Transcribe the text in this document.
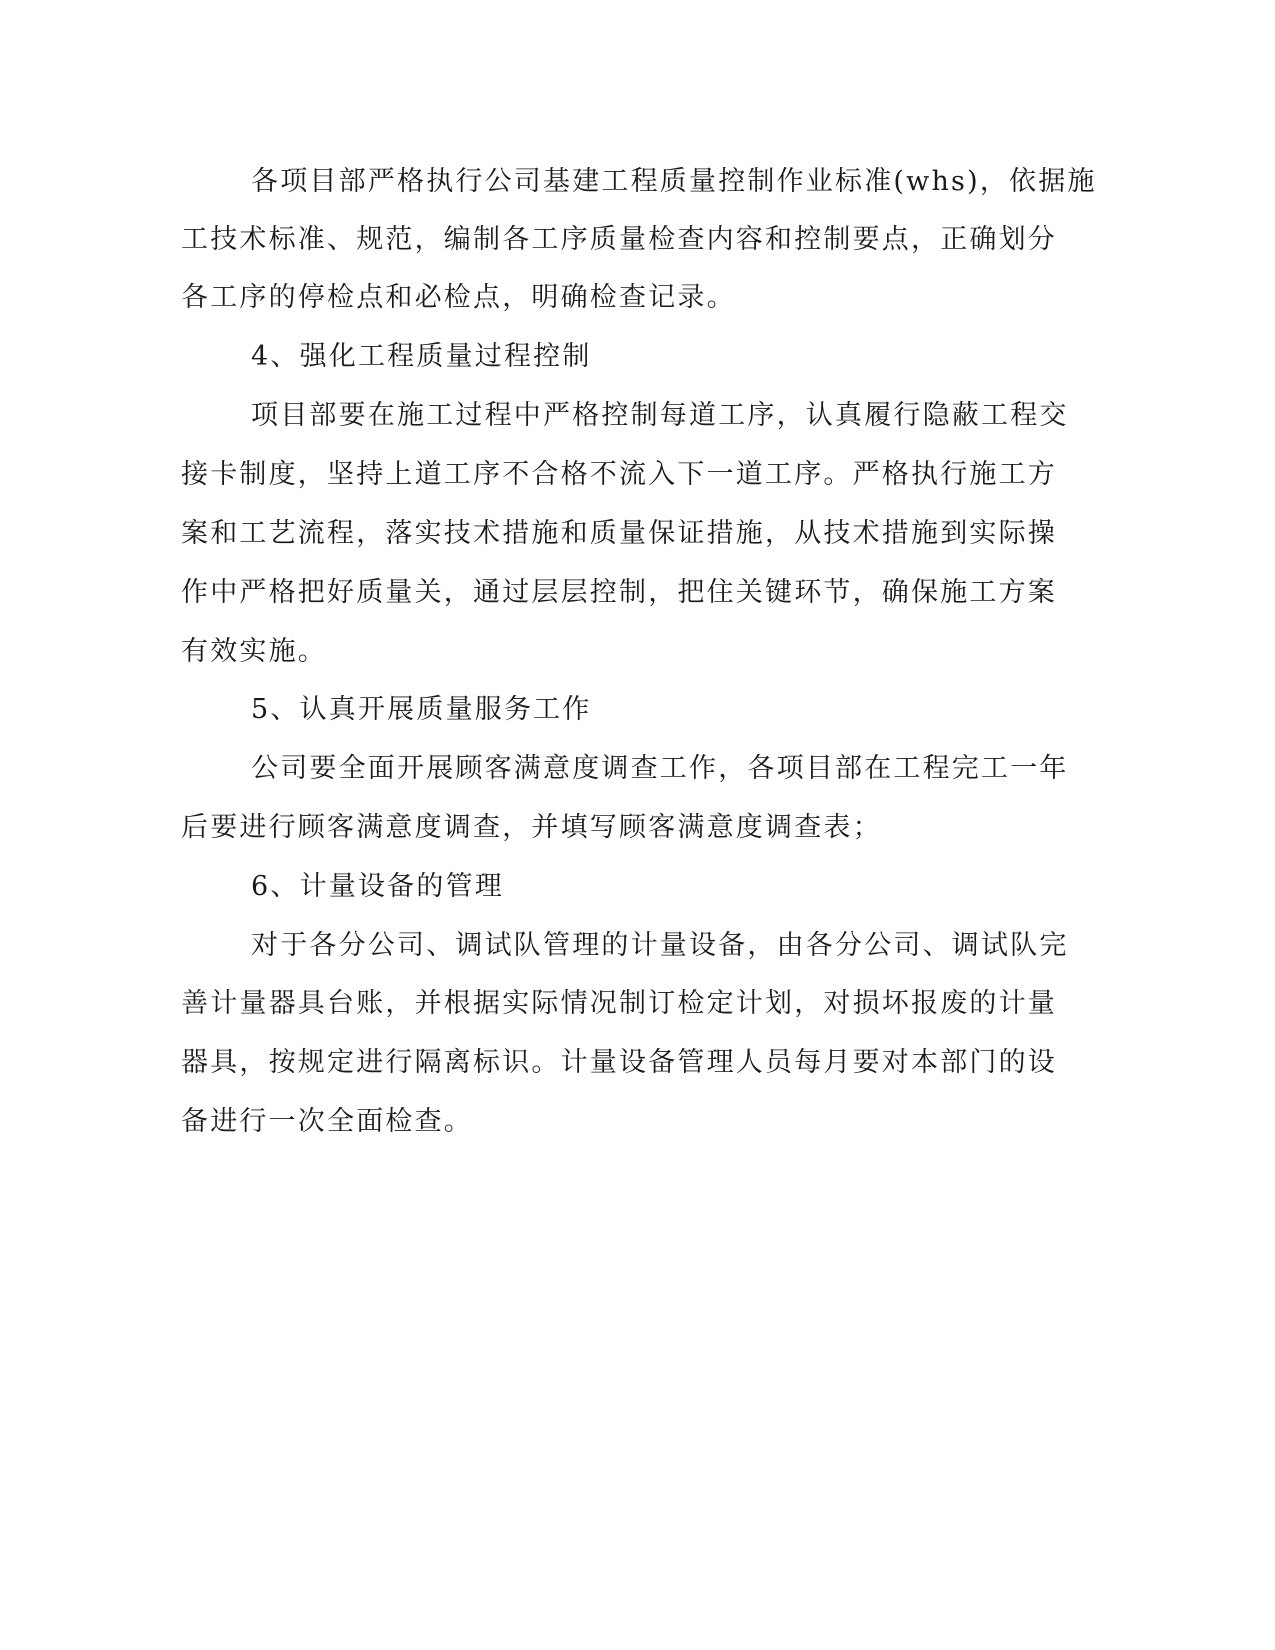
各项目部严格执行公司基建工程质量控制作业标准(whs)，依据施
工技术标准、规范，编制各工序质量检查内容和控制要点，正确划分
各工序的停检点和必检点，明确检查记录。
4、强化工程质量过程控制
项目部要在施工过程中严格控制每道工序，认真履行隐蔽工程交
接卡制度，坚持上道工序不合格不流入下一道工序。严格执行施工方
案和工艺流程，落实技术措施和质量保证措施，从技术措施到实际操
作中严格把好质量关，通过层层控制，把住关键环节，确保施工方案
有效实施。
5、认真开展质量服务工作
公司要全面开展顾客满意度调查工作，各项目部在工程完工一年
后要进行顾客满意度调查，并填写顾客满意度调查表；
6、计量设备的管理
对于各分公司、调试队管理的计量设备，由各分公司、调试队完
善计量器具台账，并根据实际情况制订检定计划，对损坏报废的计量
器具，按规定进行隔离标识。计量设备管理人员每月要对本部门的设
备进行一次全面检查。
